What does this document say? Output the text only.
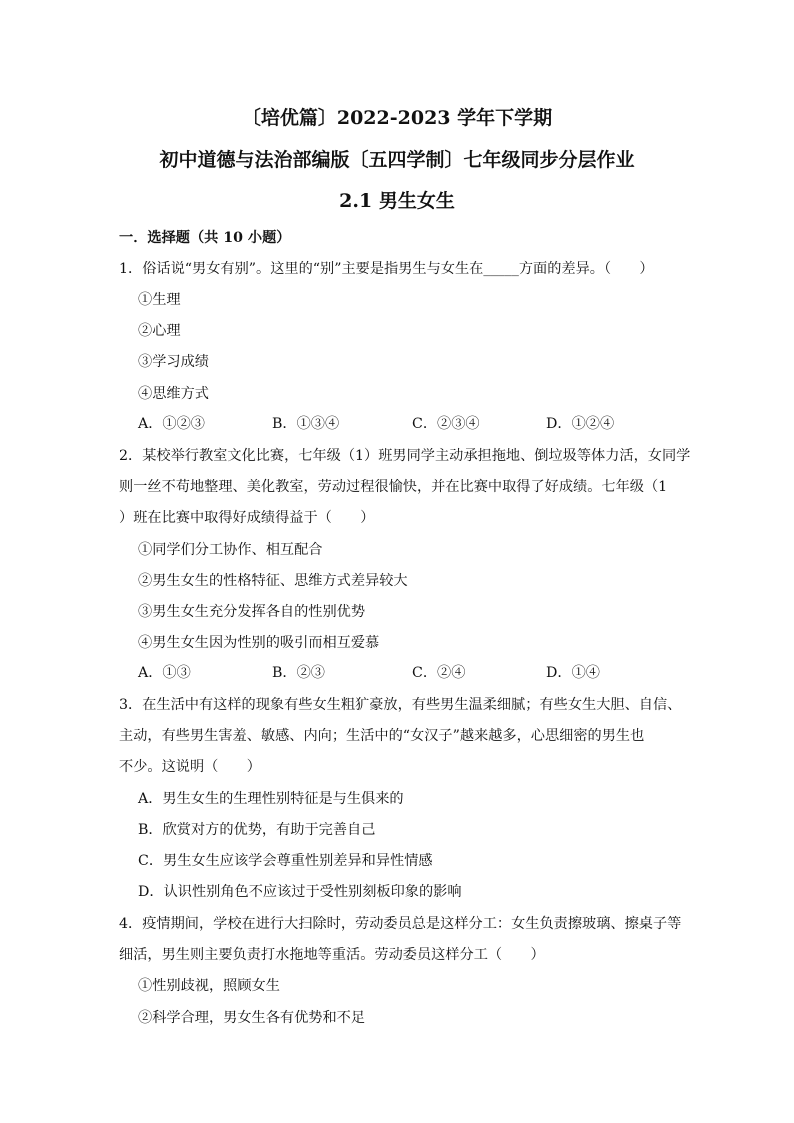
〔培优篇〕2022-2023 学年下学期
初中道德与法治部编版〔五四学制〕七年级同步分层作业
2.1 男生女生
一．选择题（共 10 小题）
1．俗话说“男女有别”。这里的“别”主要是指男生与女生在_____方面的差异。（　　）
①生理
②心理
③学习成绩
④思维方式
A．①②③	B．①③④	C．②③④	D．①②④
2．某校举行教室文化比赛，七年级（1）班男同学主动承担拖地、倒垃圾等体力活，女同学
则一丝不苟地整理、美化教室，劳动过程很愉快，并在比赛中取得了好成绩。七年级（1
）班在比赛中取得好成绩得益于（　　）
①同学们分工协作、相互配合
②男生女生的性格特征、思维方式差异较大
③男生女生充分发挥各自的性别优势
④男生女生因为性别的吸引而相互爱慕
A．①③	B．②③	C．②④	D．①④
3．在生活中有这样的现象有些女生粗犷豪放，有些男生温柔细腻；有些女生大胆、自信、
主动，有些男生害羞、敏感、内向；生活中的“女汉子”越来越多，心思细密的男生也
不少。这说明（　　）
A．男生女生的生理性别特征是与生俱来的
B．欣赏对方的优势，有助于完善自己
C．男生女生应该学会尊重性别差异和异性情感
D．认识性别角色不应该过于受性别刻板印象的影响
4．疫情期间，学校在进行大扫除时，劳动委员总是这样分工：女生负责擦玻璃、擦桌子等
细活，男生则主要负责打水拖地等重活。劳动委员这样分工（　　）
①性别歧视，照顾女生
②科学合理，男女生各有优势和不足
